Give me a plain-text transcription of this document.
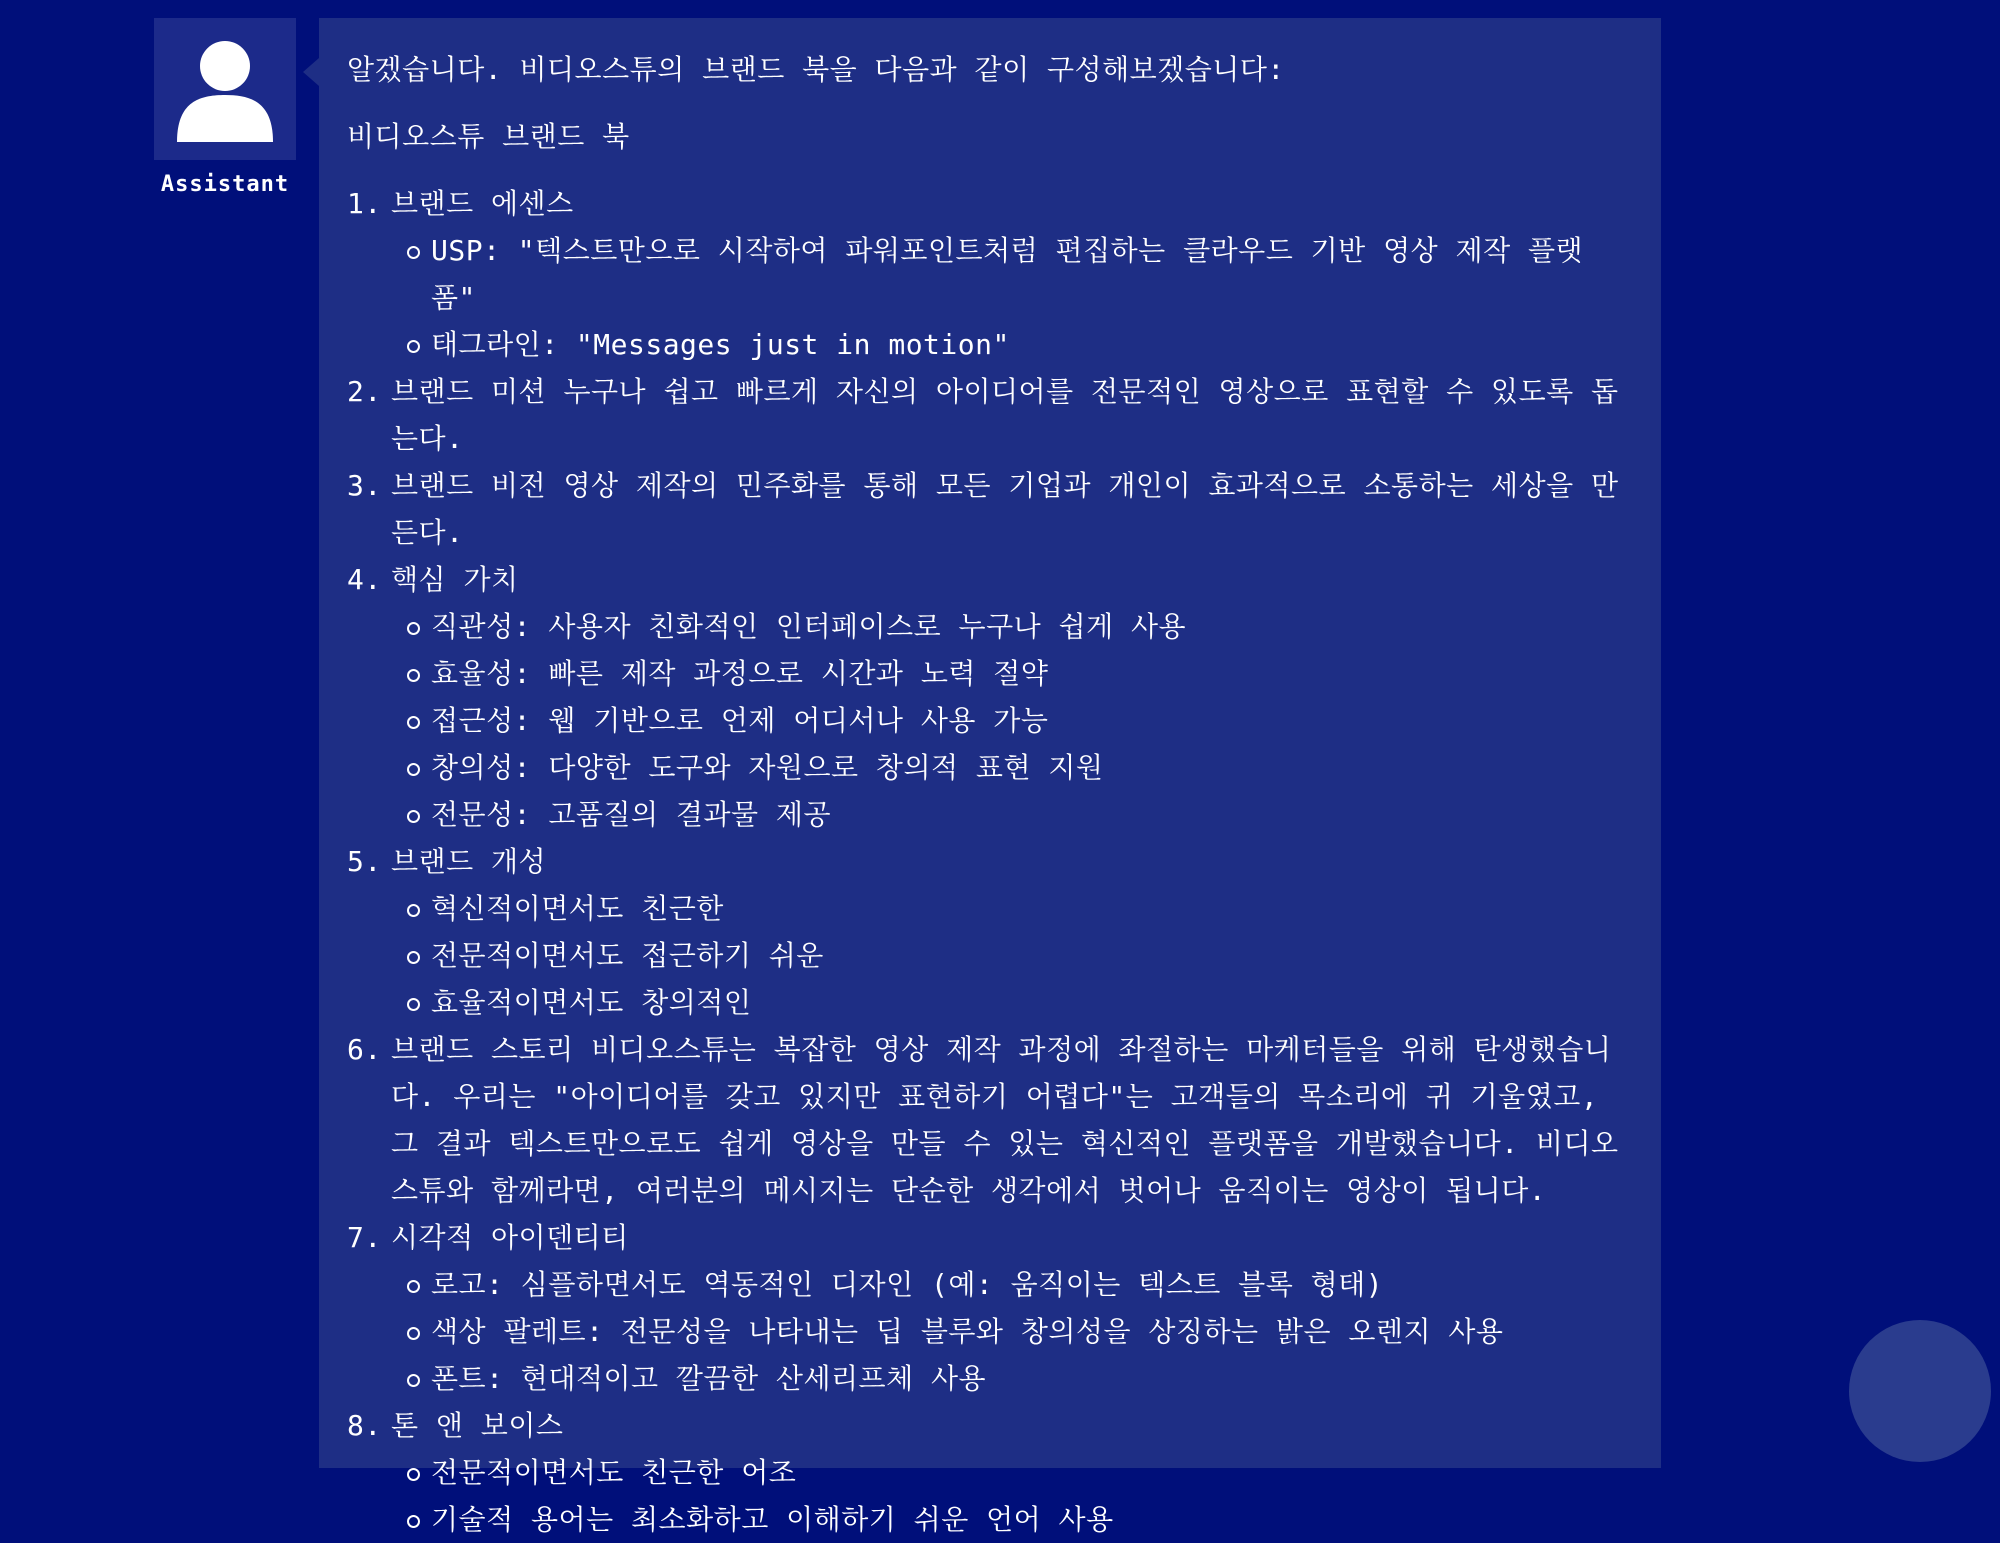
Assistant

알겠습니다. 비디오스튜의 브랜드 북을 다음과 같이 구성해보겠습니다:

비디오스튜 브랜드 북

1. 브랜드 에센스
USP: "텍스트만으로 시작하여 파워포인트처럼 편집하는 클라우드 기반 영상 제작 플랫폼"
태그라인: "Messages just in motion"
2. 브랜드 미션 누구나 쉽고 빠르게 자신의 아이디어를 전문적인 영상으로 표현할 수 있도록 돕는다.
3. 브랜드 비전 영상 제작의 민주화를 통해 모든 기업과 개인이 효과적으로 소통하는 세상을 만든다.
4. 핵심 가치
직관성: 사용자 친화적인 인터페이스로 누구나 쉽게 사용
효율성: 빠른 제작 과정으로 시간과 노력 절약
접근성: 웹 기반으로 언제 어디서나 사용 가능
창의성: 다양한 도구와 자원으로 창의적 표현 지원
전문성: 고품질의 결과물 제공
5. 브랜드 개성
혁신적이면서도 친근한
전문적이면서도 접근하기 쉬운
효율적이면서도 창의적인
6. 브랜드 스토리 비디오스튜는 복잡한 영상 제작 과정에 좌절하는 마케터들을 위해 탄생했습니다. 우리는 "아이디어를 갖고 있지만 표현하기 어렵다"는 고객들의 목소리에 귀 기울였고, 그 결과 텍스트만으로도 쉽게 영상을 만들 수 있는 혁신적인 플랫폼을 개발했습니다. 비디오스튜와 함께라면, 여러분의 메시지는 단순한 생각에서 벗어나 움직이는 영상이 됩니다.
7. 시각적 아이덴티티
로고: 심플하면서도 역동적인 디자인 (예: 움직이는 텍스트 블록 형태)
색상 팔레트: 전문성을 나타내는 딥 블루와 창의성을 상징하는 밝은 오렌지 사용
폰트: 현대적이고 깔끔한 산세리프체 사용
8. 톤 앤 보이스
전문적이면서도 친근한 어조
기술적 용어는 최소화하고 이해하기 쉬운 언어 사용
